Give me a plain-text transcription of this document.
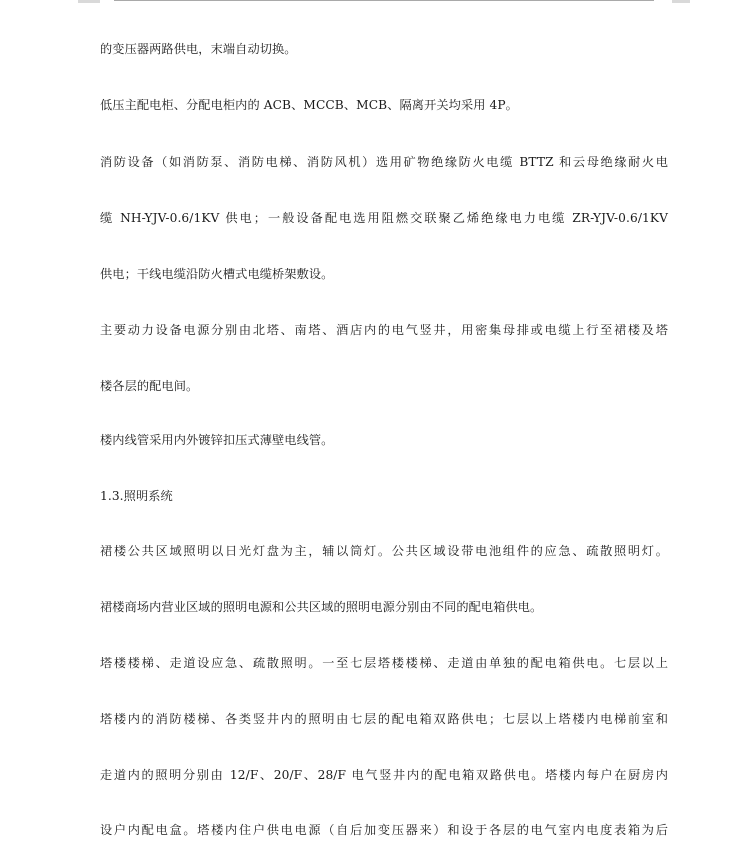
的变压器两路供电，末端自动切换。
低压主配电柜、分配电柜内的 ACB、MCCB、MCB、隔离开关均采用 4P。
消防设备（如消防泵、消防电梯、消防风机）选用矿物绝缘防火电缆 BTTZ 和云母绝缘耐火电
缆 NH-YJV-0.6/1KV 供电；一般设备配电选用阻燃交联聚乙烯绝缘电力电缆 ZR-YJV-0.6/1KV
供电；干线电缆沿防火槽式电缆桥架敷设。
主要动力设备电源分别由北塔、南塔、酒店内的电气竖井，用密集母排或电缆上行至裙楼及塔
楼各层的配电间。
楼内线管采用内外镀锌扣压式薄壁电线管。
1.3.照明系统
裙楼公共区域照明以日光灯盘为主，辅以筒灯。公共区域设带电池组件的应急、疏散照明灯。
裙楼商场内营业区域的照明电源和公共区域的照明电源分别由不同的配电箱供电。
塔楼楼梯、走道设应急、疏散照明。一至七层塔楼楼梯、走道由单独的配电箱供电。七层以上
塔楼内的消防楼梯、各类竖井内的照明由七层的配电箱双路供电；七层以上塔楼内电梯前室和
走道内的照明分别由 12/F、20/F、28/F 电气竖井内的配电箱双路供电。塔楼内每户在厨房内
设户内配电盒。塔楼内住户供电电源（自后加变压器来）和设于各层的电气室内电度表箱为后
